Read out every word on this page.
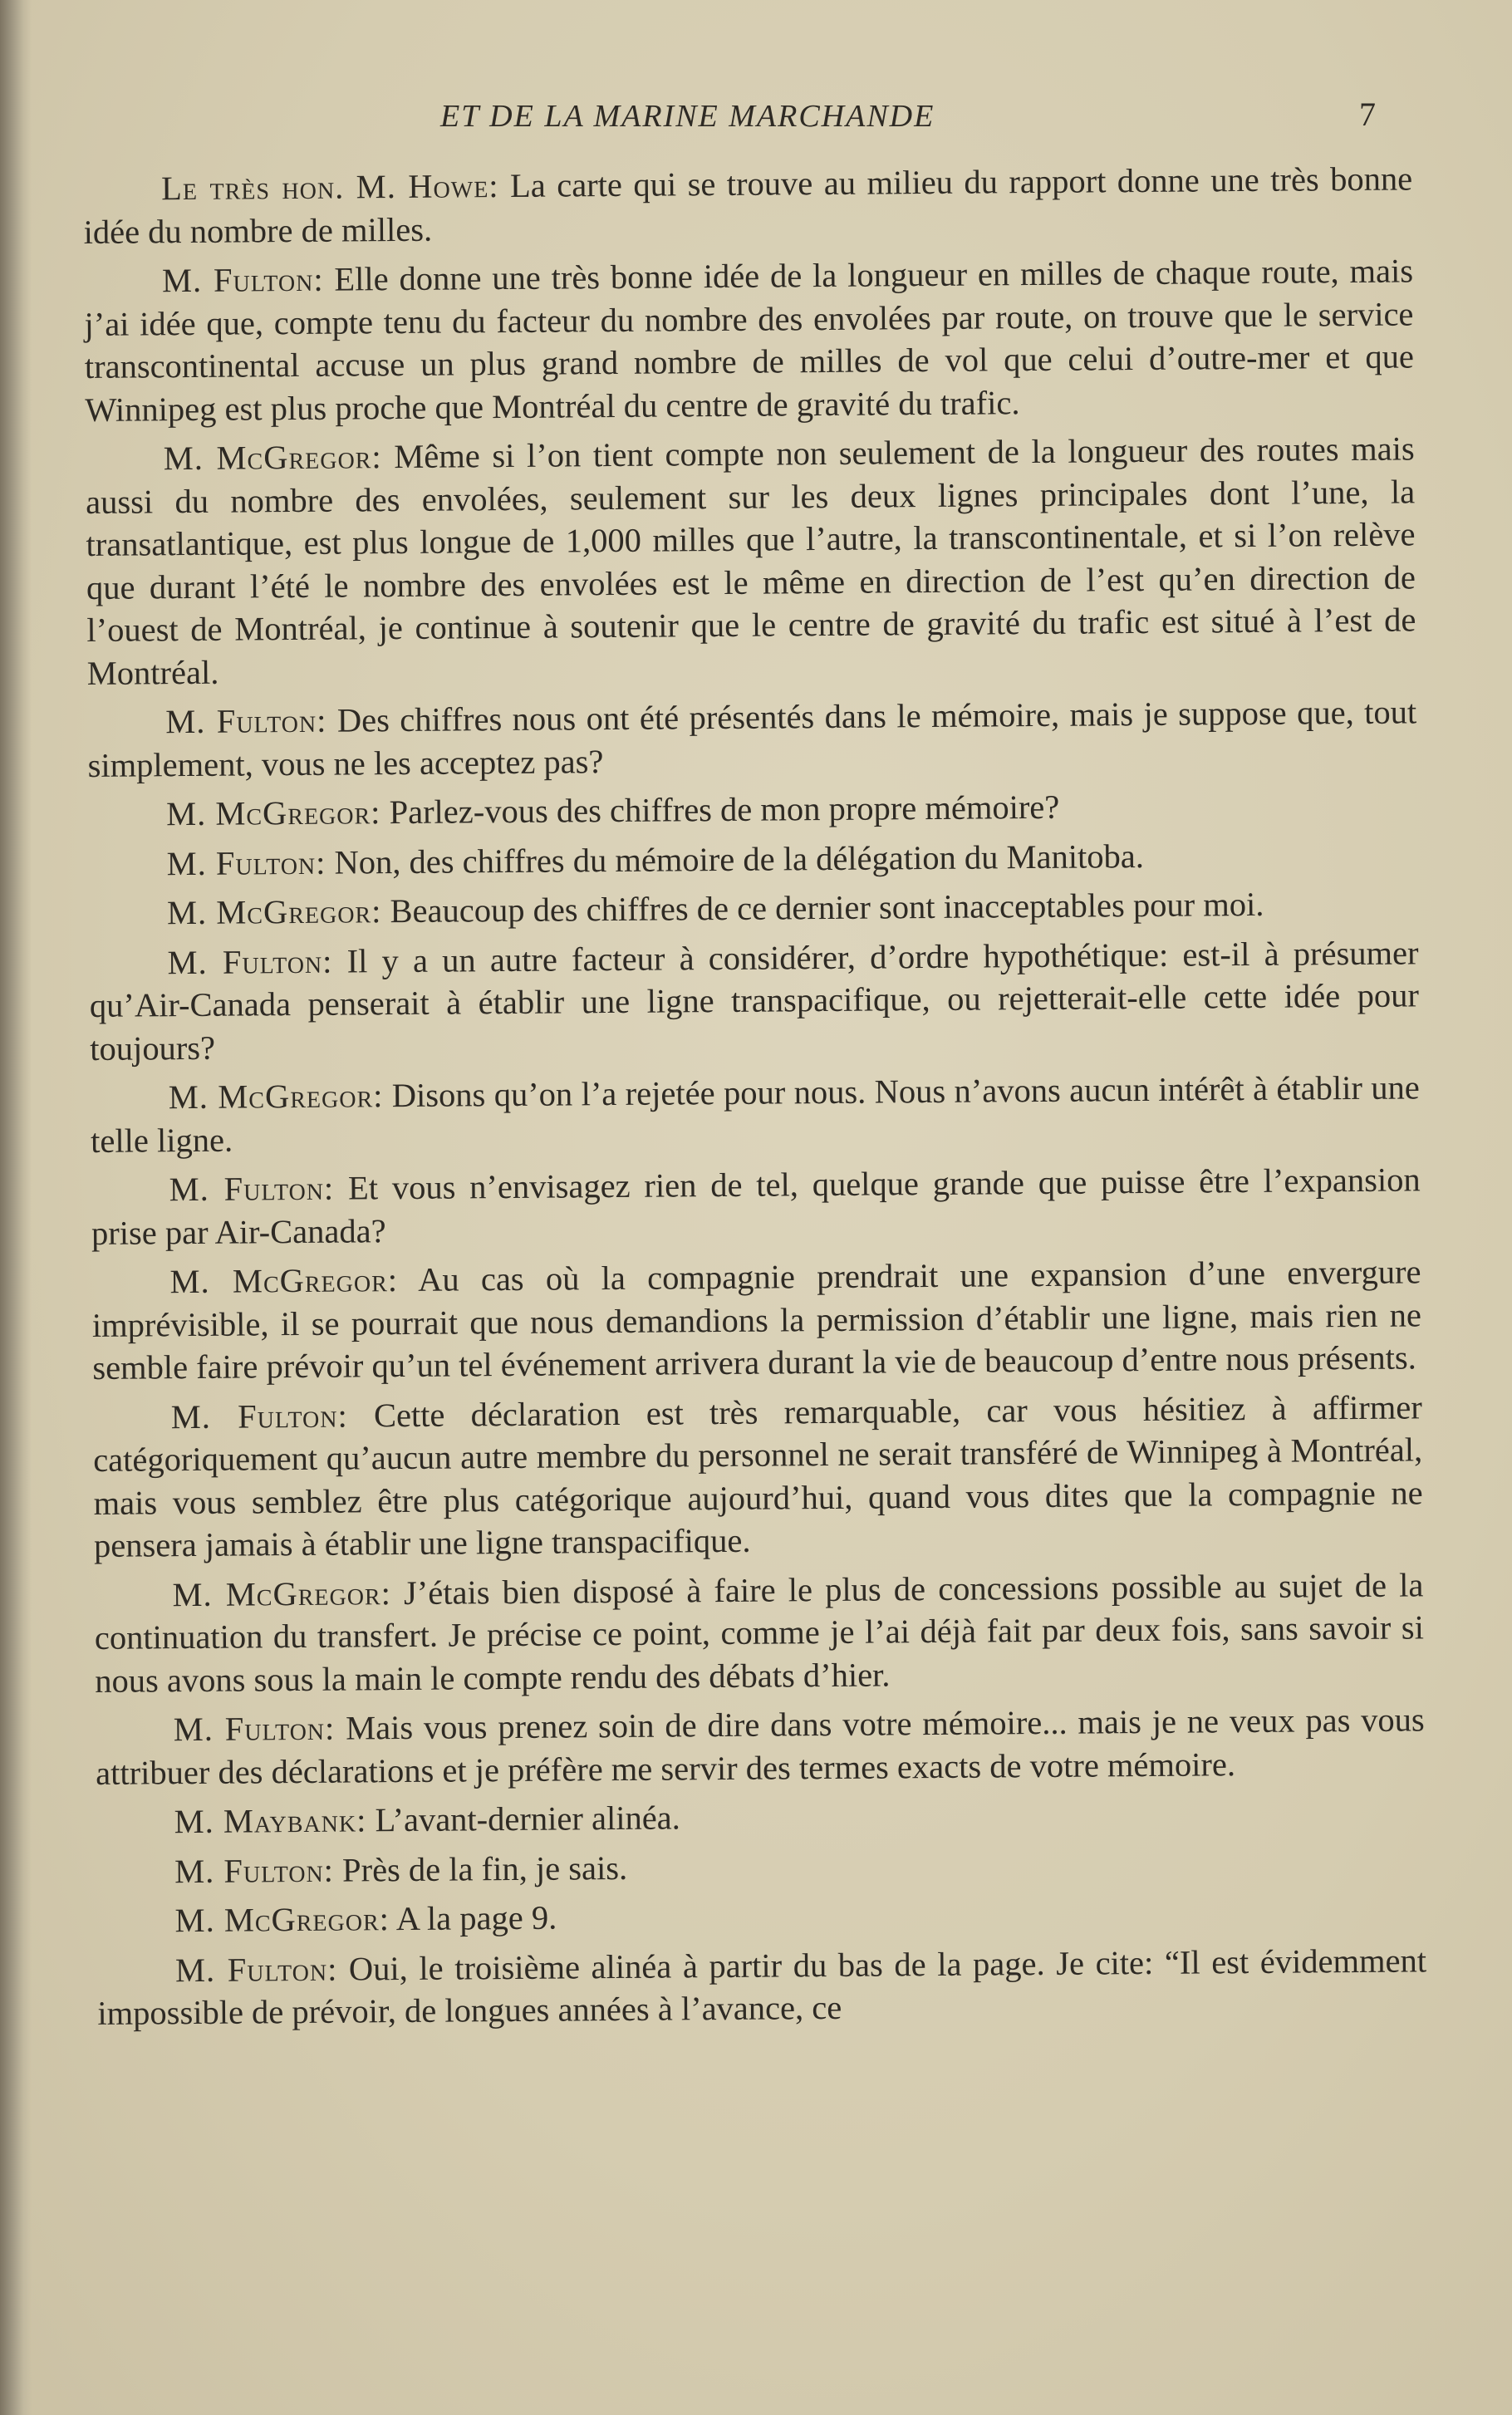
ET DE LA MARINE MARCHANDE	7

Le très hon. M. Howe: La carte qui se trouve au milieu du rapport donne une très bonne idée du nombre de milles.

M. Fulton: Elle donne une très bonne idée de la longueur en milles de chaque route, mais j’ai idée que, compte tenu du facteur du nombre des envolées par route, on trouve que le service transcontinental accuse un plus grand nombre de milles de vol que celui d’outre-mer et que Winnipeg est plus proche que Montréal du centre de gravité du trafic.

M. McGregor: Même si l’on tient compte non seulement de la longueur des routes mais aussi du nombre des envolées, seulement sur les deux lignes principales dont l’une, la transatlantique, est plus longue de 1,000 milles que l’autre, la transcontinentale, et si l’on relève que durant l’été le nombre des envolées est le même en direction de l’est qu’en direction de l’ouest de Montréal, je continue à soutenir que le centre de gravité du trafic est situé à l’est de Montréal.

M. Fulton: Des chiffres nous ont été présentés dans le mémoire, mais je suppose que, tout simplement, vous ne les acceptez pas?

M. McGregor: Parlez-vous des chiffres de mon propre mémoire?

M. Fulton: Non, des chiffres du mémoire de la délégation du Manitoba.

M. McGregor: Beaucoup des chiffres de ce dernier sont inacceptables pour moi.

M. Fulton: Il y a un autre facteur à considérer, d’ordre hypothétique: est-il à présumer qu’Air-Canada penserait à établir une ligne transpacifique, ou rejetterait-elle cette idée pour toujours?

M. McGregor: Disons qu’on l’a rejetée pour nous. Nous n’avons aucun intérêt à établir une telle ligne.

M. Fulton: Et vous n’envisagez rien de tel, quelque grande que puisse être l’expansion prise par Air-Canada?

M. McGregor: Au cas où la compagnie prendrait une expansion d’une envergure imprévisible, il se pourrait que nous demandions la permission d’établir une ligne, mais rien ne semble faire prévoir qu’un tel événement arrivera durant la vie de beaucoup d’entre nous présents.

M. Fulton: Cette déclaration est très remarquable, car vous hésitiez à affirmer catégoriquement qu’aucun autre membre du personnel ne serait transféré de Winnipeg à Montréal, mais vous semblez être plus catégorique aujourd’hui, quand vous dites que la compagnie ne pensera jamais à établir une ligne transpacifique.

M. McGregor: J’étais bien disposé à faire le plus de concessions possible au sujet de la continuation du transfert. Je précise ce point, comme je l’ai déjà fait par deux fois, sans savoir si nous avons sous la main le compte rendu des débats d’hier.

M. Fulton: Mais vous prenez soin de dire dans votre mémoire... mais je ne veux pas vous attribuer des déclarations et je préfère me servir des termes exacts de votre mémoire.

M. Maybank: L’avant-dernier alinéa.

M. Fulton: Près de la fin, je sais.

M. McGregor: A la page 9.

M. Fulton: Oui, le troisième alinéa à partir du bas de la page. Je cite: “Il est évidemment impossible de prévoir, de longues années à l’avance, ce
